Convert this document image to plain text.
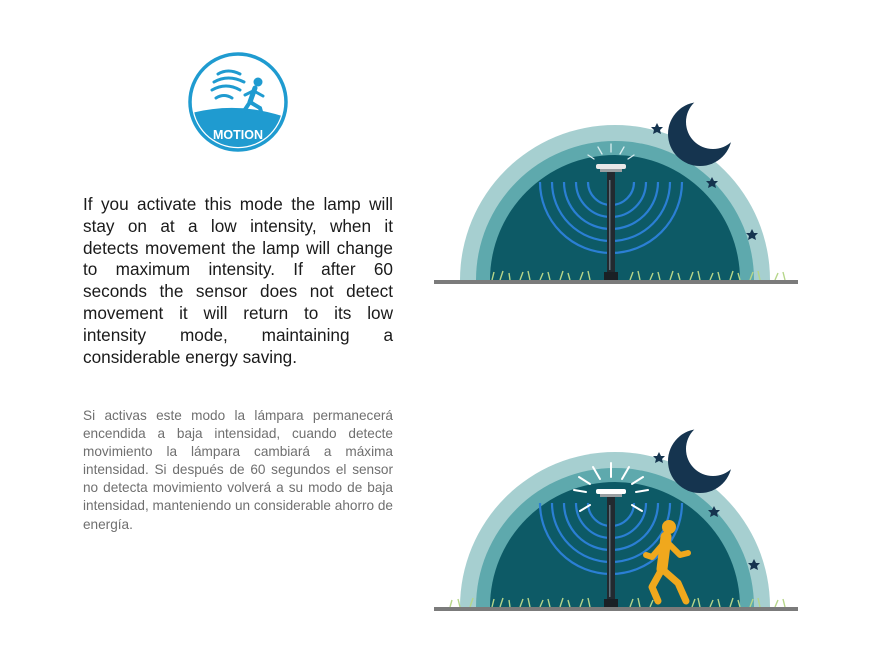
MOTION

If you activate this mode the lamp will stay on at a low intensity, when it detects movement the lamp will change to maximum intensity. If after 60 seconds the sensor does not detect movement it will return to its low intensity mode, maintaining a considerable energy saving.

Si activas este modo la lámpara permanecerá encendida a baja intensidad, cuando detecte movimiento la lámpara cambiará a máxima intensidad. Si después de 60 segundos el sensor no detecta movimiento volverá a su modo de baja intensidad, manteniendo un considerable ahorro de energía.
